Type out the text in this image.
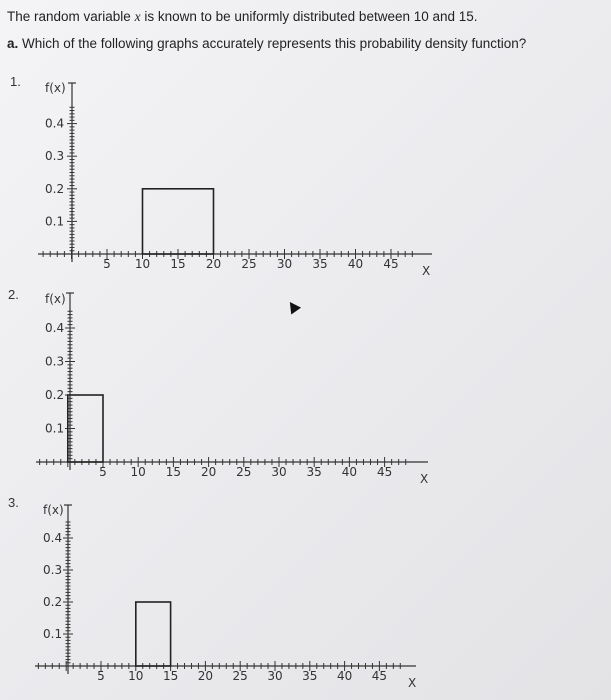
The random variable x is known to be uniformly distributed between 10 and 15.
a. Which of the following graphs accurately represents this probability density function?
1.
2.
3.
0.4
0.3
0.2
0.1
f(x)
5 10 15 20 25 30 35 40 45 X
0.4
0.3
0.2
0.1
f(x)
5 10 15 20 25 30 35 40 45 X
0.4
0.3
0.2
0.1
f(x)
5 10 15 20 25 30 35 40 45 X
